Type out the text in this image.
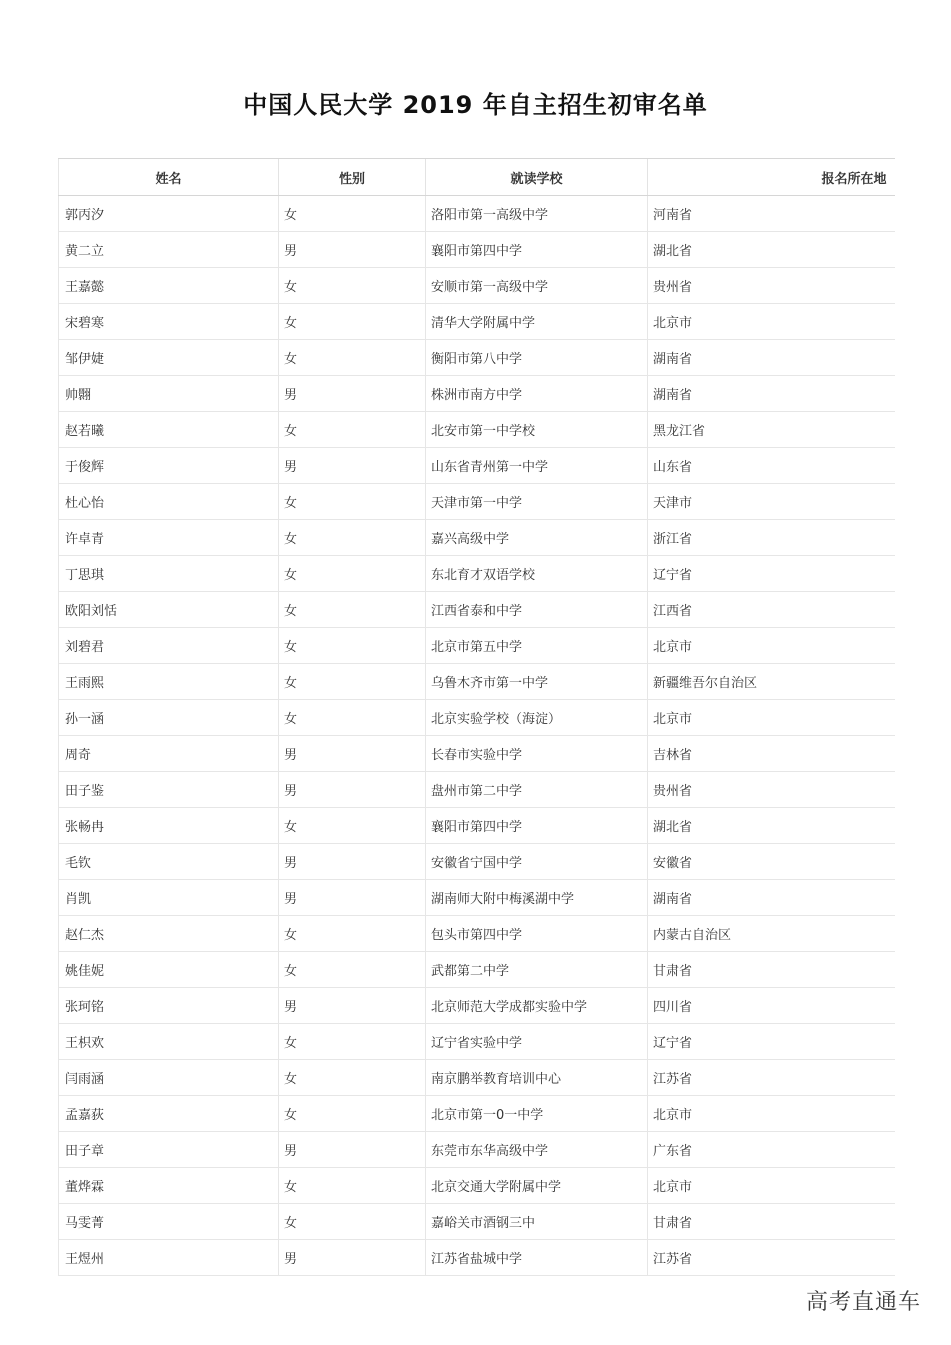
中国人民大学 2019 年自主招生初审名单
姓名	性别	就读学校	报名所在地
郭丙汐	女	洛阳市第一高级中学	河南省
黄二立	男	襄阳市第四中学	湖北省
王嘉懿	女	安顺市第一高级中学	贵州省
宋碧寒	女	清华大学附属中学	北京市
邹伊婕	女	衡阳市第八中学	湖南省
帅翾	男	株洲市南方中学	湖南省
赵若曦	女	北安市第一中学校	黑龙江省
于俊辉	男	山东省青州第一中学	山东省
杜心怡	女	天津市第一中学	天津市
许卓青	女	嘉兴高级中学	浙江省
丁思琪	女	东北育才双语学校	辽宁省
欧阳刘恬	女	江西省泰和中学	江西省
刘碧君	女	北京市第五中学	北京市
王雨熙	女	乌鲁木齐市第一中学	新疆维吾尔自治区
孙一涵	女	北京实验学校（海淀）	北京市
周奇	男	长春市实验中学	吉林省
田子鉴	男	盘州市第二中学	贵州省
张畅冉	女	襄阳市第四中学	湖北省
毛钦	男	安徽省宁国中学	安徽省
肖凯	男	湖南师大附中梅溪湖中学	湖南省
赵仁杰	女	包头市第四中学	内蒙古自治区
姚佳妮	女	武都第二中学	甘肃省
张珂铭	男	北京师范大学成都实验中学	四川省
王枳欢	女	辽宁省实验中学	辽宁省
闫雨涵	女	南京鹏举教育培训中心	江苏省
孟嘉荻	女	北京市第一0一中学	北京市
田子章	男	东莞市东华高级中学	广东省
董烨霖	女	北京交通大学附属中学	北京市
马雯菁	女	嘉峪关市酒钢三中	甘肃省
王煜州	男	江苏省盐城中学	江苏省
高考直通车
